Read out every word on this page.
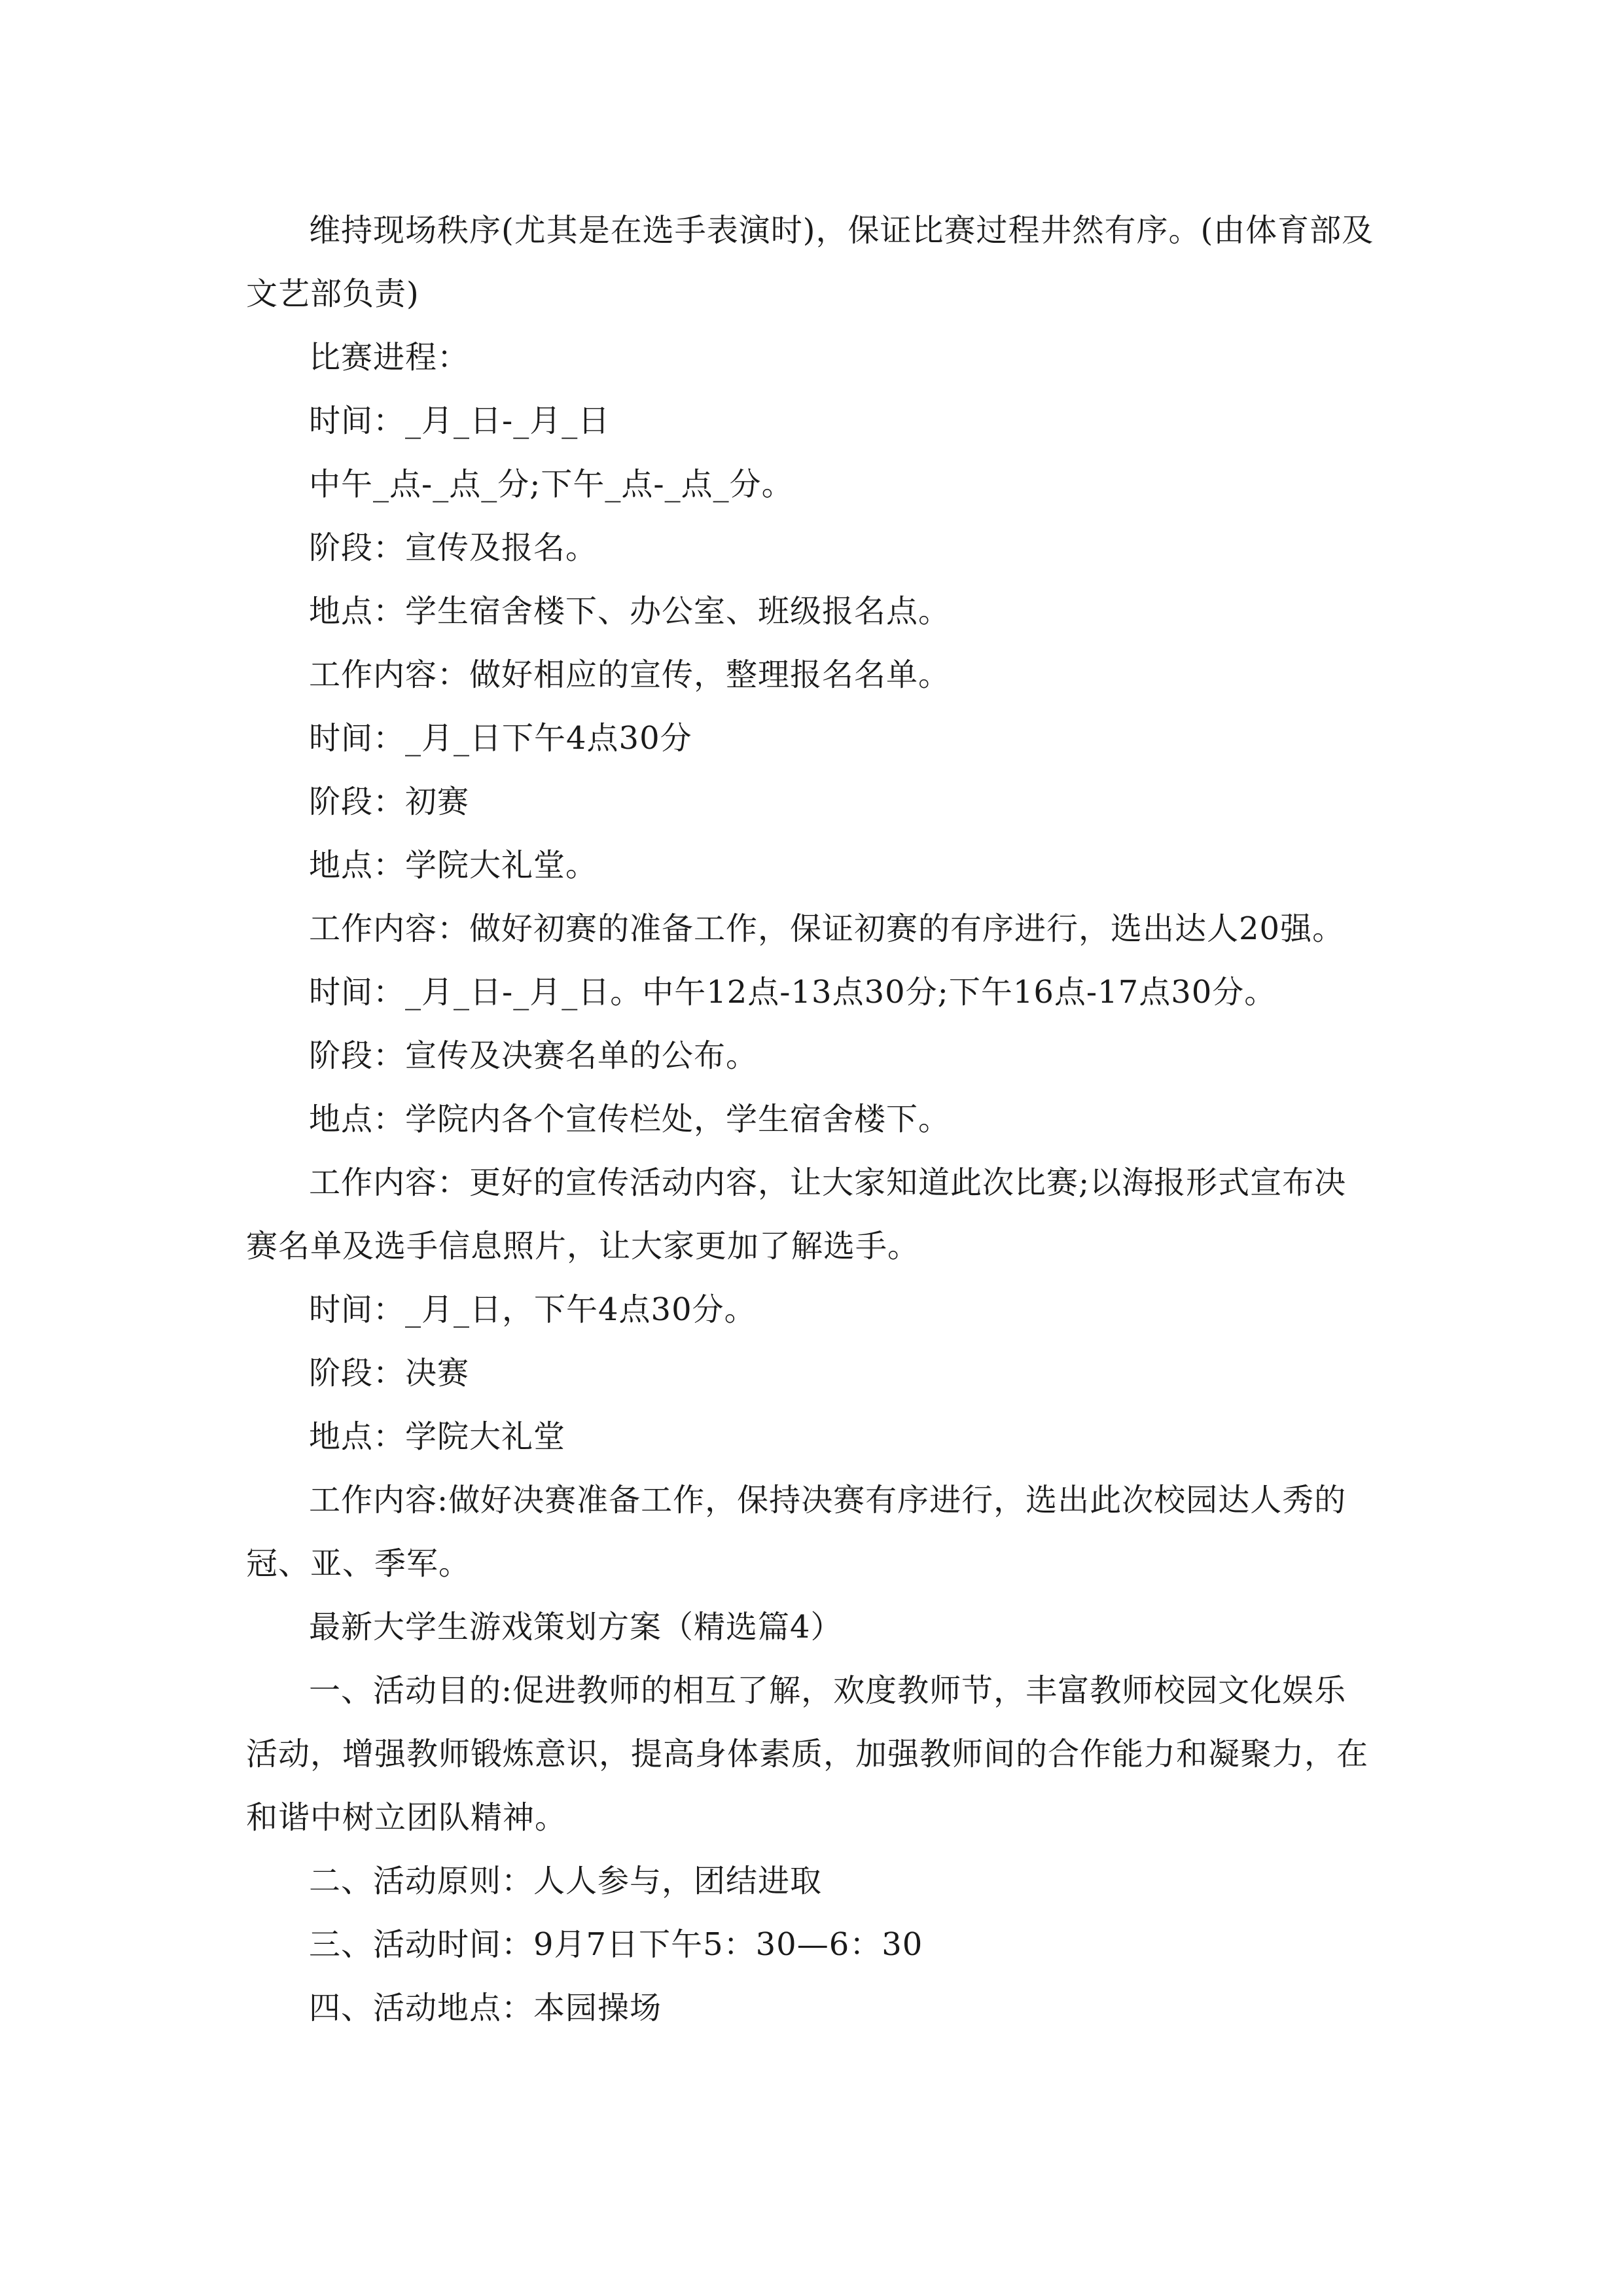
维持现场秩序(尤其是在选手表演时)，保证比赛过程井然有序。(由体育部及文艺部负责)

比赛进程：

时间：_月_日-_月_日

中午_点-_点_分;下午_点-_点_分。

阶段：宣传及报名。

地点：学生宿舍楼下、办公室、班级报名点。

工作内容：做好相应的宣传，整理报名名单。

时间：_月_日下午4点30分

阶段：初赛

地点：学院大礼堂。

工作内容：做好初赛的准备工作，保证初赛的有序进行，选出达人20强。

时间：_月_日-_月_日。中午12点-13点30分;下午16点-17点30分。

阶段：宣传及决赛名单的公布。

地点：学院内各个宣传栏处，学生宿舍楼下。

工作内容：更好的宣传活动内容，让大家知道此次比赛;以海报形式宣布决赛名单及选手信息照片，让大家更加了解选手。

时间：_月_日，下午4点30分。

阶段：决赛

地点：学院大礼堂

工作内容:做好决赛准备工作，保持决赛有序进行，选出此次校园达人秀的冠、亚、季军。

最新大学生游戏策划方案（精选篇4）

一、活动目的:促进教师的相互了解，欢度教师节，丰富教师校园文化娱乐活动，增强教师锻炼意识，提高身体素质，加强教师间的合作能力和凝聚力，在和谐中树立团队精神。

二、活动原则：人人参与，团结进取

三、活动时间：9月7日下午5：30—6：30

四、活动地点：本园操场
